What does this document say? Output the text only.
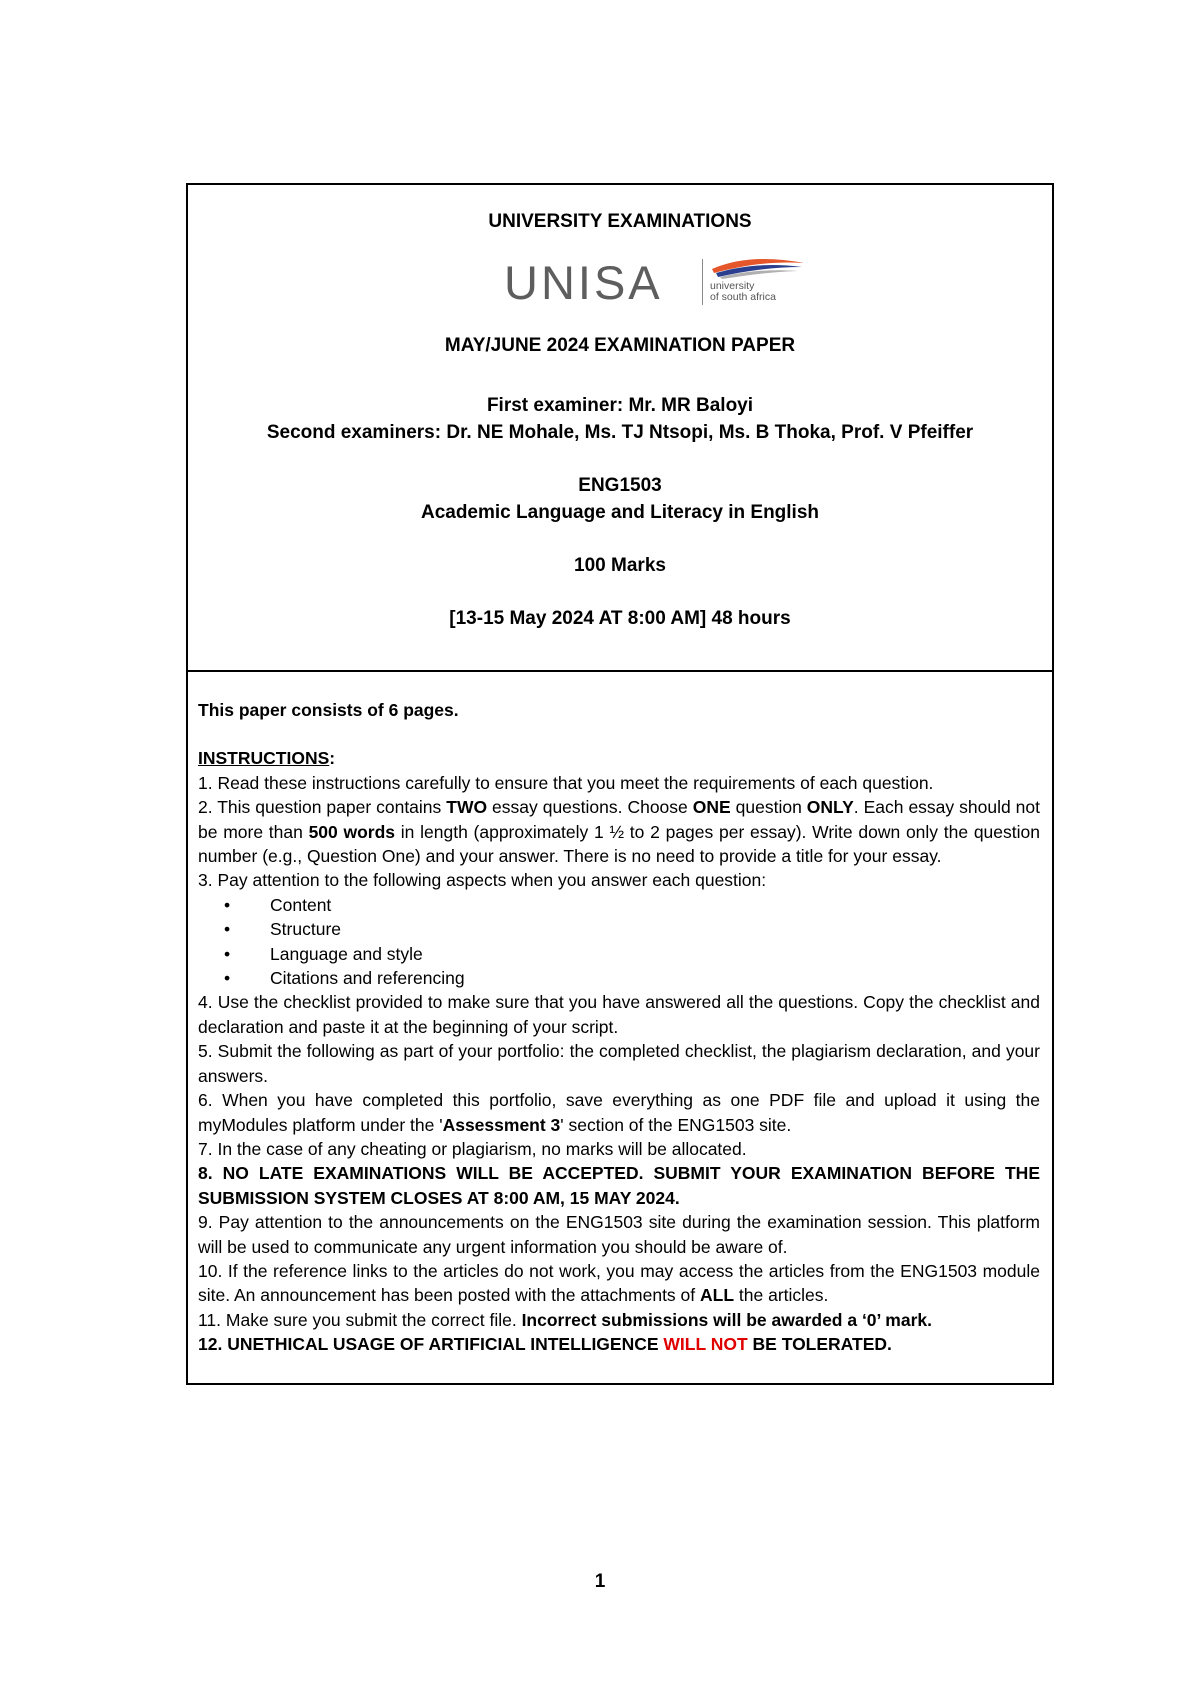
UNIVERSITY EXAMINATIONS
UNISA	university
of south africa
MAY/JUNE 2024 EXAMINATION PAPER
First examiner: Mr. MR Baloyi
Second examiners: Dr. NE Mohale, Ms. TJ Ntsopi, Ms. B Thoka, Prof. V Pfeiffer
ENG1503
Academic Language and Literacy in English
100 Marks
[13-15 May 2024 AT 8:00 AM] 48 hours

This paper consists of 6 pages.

INSTRUCTIONS:

1. Read these instructions carefully to ensure that you meet the requirements of each question.

2. This question paper contains TWO essay questions. Choose ONE question ONLY. Each essay should not be more than 500 words in length (approximately 1 ½ to 2 pages per essay). Write down only the question number (e.g., Question One) and your answer. There is no need to provide a title for your essay.

3. Pay attention to the following aspects when you answer each question:

• Content
• Structure
• Language and style
• Citations and referencing

4. Use the checklist provided to make sure that you have answered all the questions. Copy the checklist and declaration and paste it at the beginning of your script.

5. Submit the following as part of your portfolio: the completed checklist, the plagiarism declaration, and your answers.

6. When you have completed this portfolio, save everything as one PDF file and upload it using the myModules platform under the 'Assessment 3' section of the ENG1503 site.

7. In the case of any cheating or plagiarism, no marks will be allocated.

8. NO LATE EXAMINATIONS WILL BE ACCEPTED. SUBMIT YOUR EXAMINATION BEFORE THE SUBMISSION SYSTEM CLOSES AT 8:00 AM, 15 MAY 2024.

9. Pay attention to the announcements on the ENG1503 site during the examination session. This platform will be used to communicate any urgent information you should be aware of.

10. If the reference links to the articles do not work, you may access the articles from the ENG1503 module site. An announcement has been posted with the attachments of ALL the articles.

11. Make sure you submit the correct file. Incorrect submissions will be awarded a ‘0’ mark.

12. UNETHICAL USAGE OF ARTIFICIAL INTELLIGENCE WILL NOT BE TOLERATED.

1
